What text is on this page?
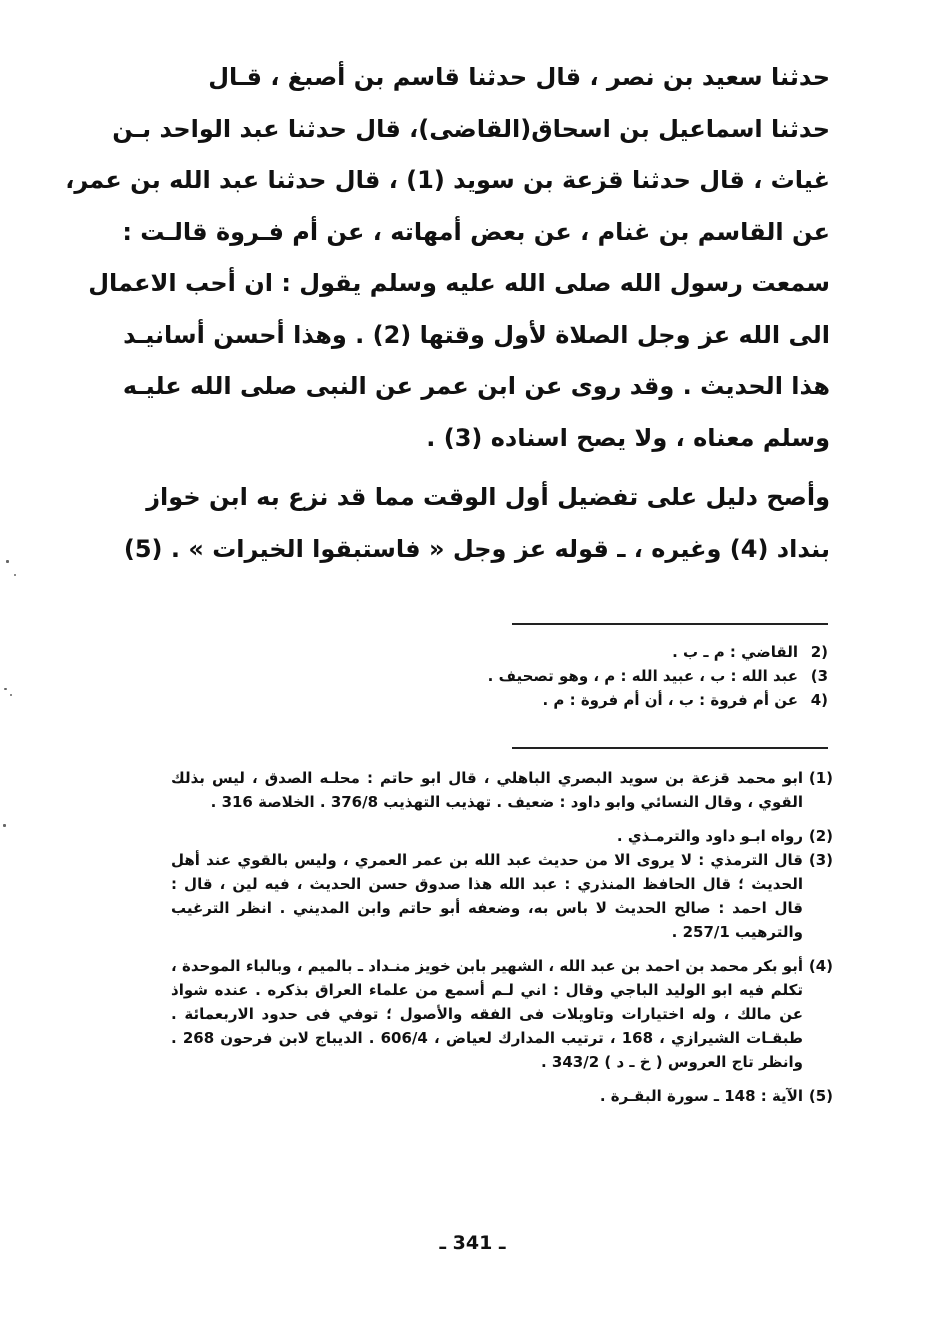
حدثنا سعيد بن نصر ، قال حدثنا قاسم بن أصبغ ، قـال
حدثنا اسماعيل بن اسحاق(القاضى)، قال حدثنا عبد الواحد بـن
غياث ، قال حدثنا قزعة بن سويد (1) ، قال حدثنا عبد الله بن عمر،
عن القاسم بن غنام ، عن بعض أمهاته ، عن أم فـروة قالـت :
سمعت رسول الله صلى الله عليه وسلم يقول : ان أحب الاعمال
الى الله عز وجل الصلاة لأول وقتها (2) . وهذا أحسن أسانيـد
هذا الحديث . وقد روى عن ابن عمر عن النبى صلى الله عليـه
وسلم معناه ، ولا يصح اسناده (3) .
وأصح دليل على تفضيل أول الوقت مما قد نزع به ابن خواز
بنداد (4) وغيره ، ـ قوله عز وجل « فاستبقوا الخيرات » . (5)
(2
القاضي : م ـ ب .
3)
عبد الله : ب ، عبيد الله : م ، وهو تصحيف .
(4
عن أم فروة : ب ، أن أم فروة : م .
(1)
ابو محمد قزعة بن سويد البصري الباهلي ، قال ابو حاتم : محلـه الصدق ، ليس بذلك القوي ، وقال النسائي وابو داود : ضعيف . تهذيب التهذيب 376/8 . الخلاصة 316 .
(2)
رواه ابـو داود والترمـذي .
(3)
قال الترمذي : لا يروى الا من حديث عبد الله بن عمر العمري ، وليس بالقوي عند أهل الحديث ؛ قال الحافظ المنذري : عبد الله هذا صدوق حسن الحديث ، فيه لين ، قال : قال احمد : صالح الحديث لا باس به، وضعفه أبو حاتم وابن المديني . انظر الترغيب والترهيب 257/1 .
(4)
أبو بكر محمد بن احمد بن عبد الله ، الشهير بابن خويز منـداد ـ بالميم ، وبالباء الموحدة ، تكلم فيه ابو الوليد الباجي وقال : اني لـم أسمع من علماء العراق بذكره . عنده شواذ عن مالك ، وله اختيارات وتاويلات فى الفقه والأصول ؛ توفي فى حدود الاربعمائة . طبقـات الشيرازي ، 168 ، ترتيب المدارك لعياض ، 606/4 . الديباج لابن فرحون 268 . وانظر تاج العروس ( خ ـ د ) 343/2 .
(5)
الآية : 148 ـ سورة البقـرة .
ـ 341 ـ
